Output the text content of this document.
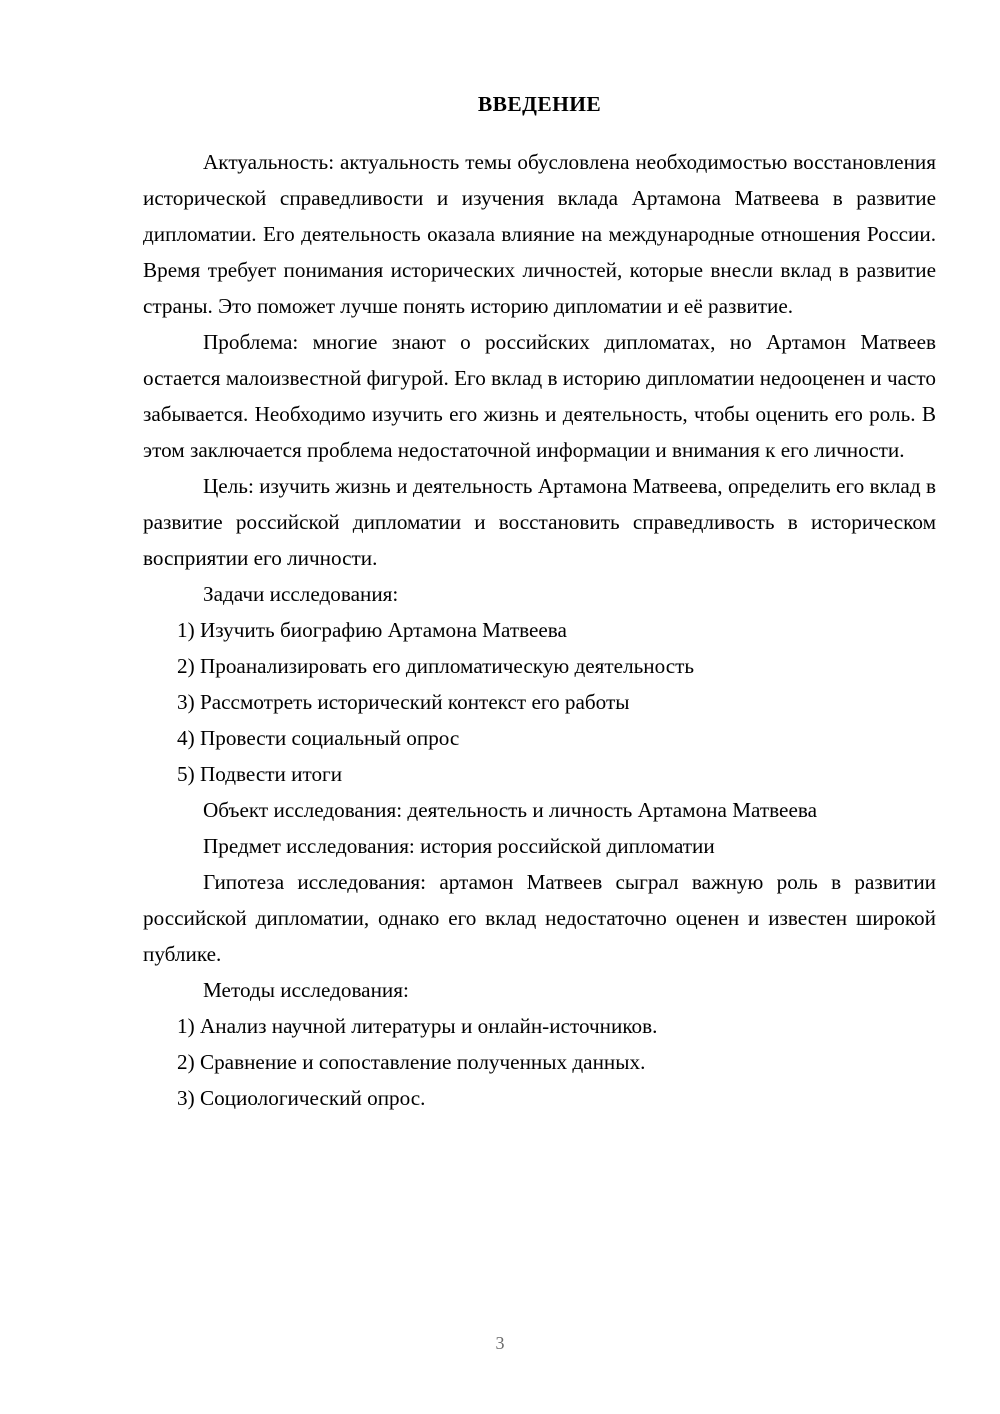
ВВЕДЕНИЕ

Актуальность: актуальность темы обусловлена необходимостью восстановления исторической справедливости и изучения вклада Артамона Матвеева в развитие дипломатии. Его деятельность оказала влияние на международные отношения России. Время требует понимания исторических личностей, которые внесли вклад в развитие страны. Это поможет лучше понять историю дипломатии и её развитие.

Проблема: многие знают о российских дипломатах, но Артамон Матвеев остается малоизвестной фигурой. Его вклад в историю дипломатии недооценен и часто забывается. Необходимо изучить его жизнь и деятельность, чтобы оценить его роль. В этом заключается проблема недостаточной информации и внимания к его личности.

Цель: изучить жизнь и деятельность Артамона Матвеева, определить его вклад в развитие российской дипломатии и восстановить справедливость в историческом восприятии его личности.

Задачи исследования:

1) Изучить биографию Артамона Матвеева

2) Проанализировать его дипломатическую деятельность

3) Рассмотреть исторический контекст его работы

4) Провести социальный опрос

5) Подвести итоги

Объект исследования: деятельность и личность Артамона Матвеева

Предмет исследования: история российской дипломатии

Гипотеза исследования: артамон Матвеев сыграл важную роль в развитии российской дипломатии, однако его вклад недостаточно оценен и известен широкой публике.

Методы исследования:

1) Анализ научной литературы и онлайн-источников.

2) Сравнение и сопоставление полученных данных.

3) Социологический опрос.

3
